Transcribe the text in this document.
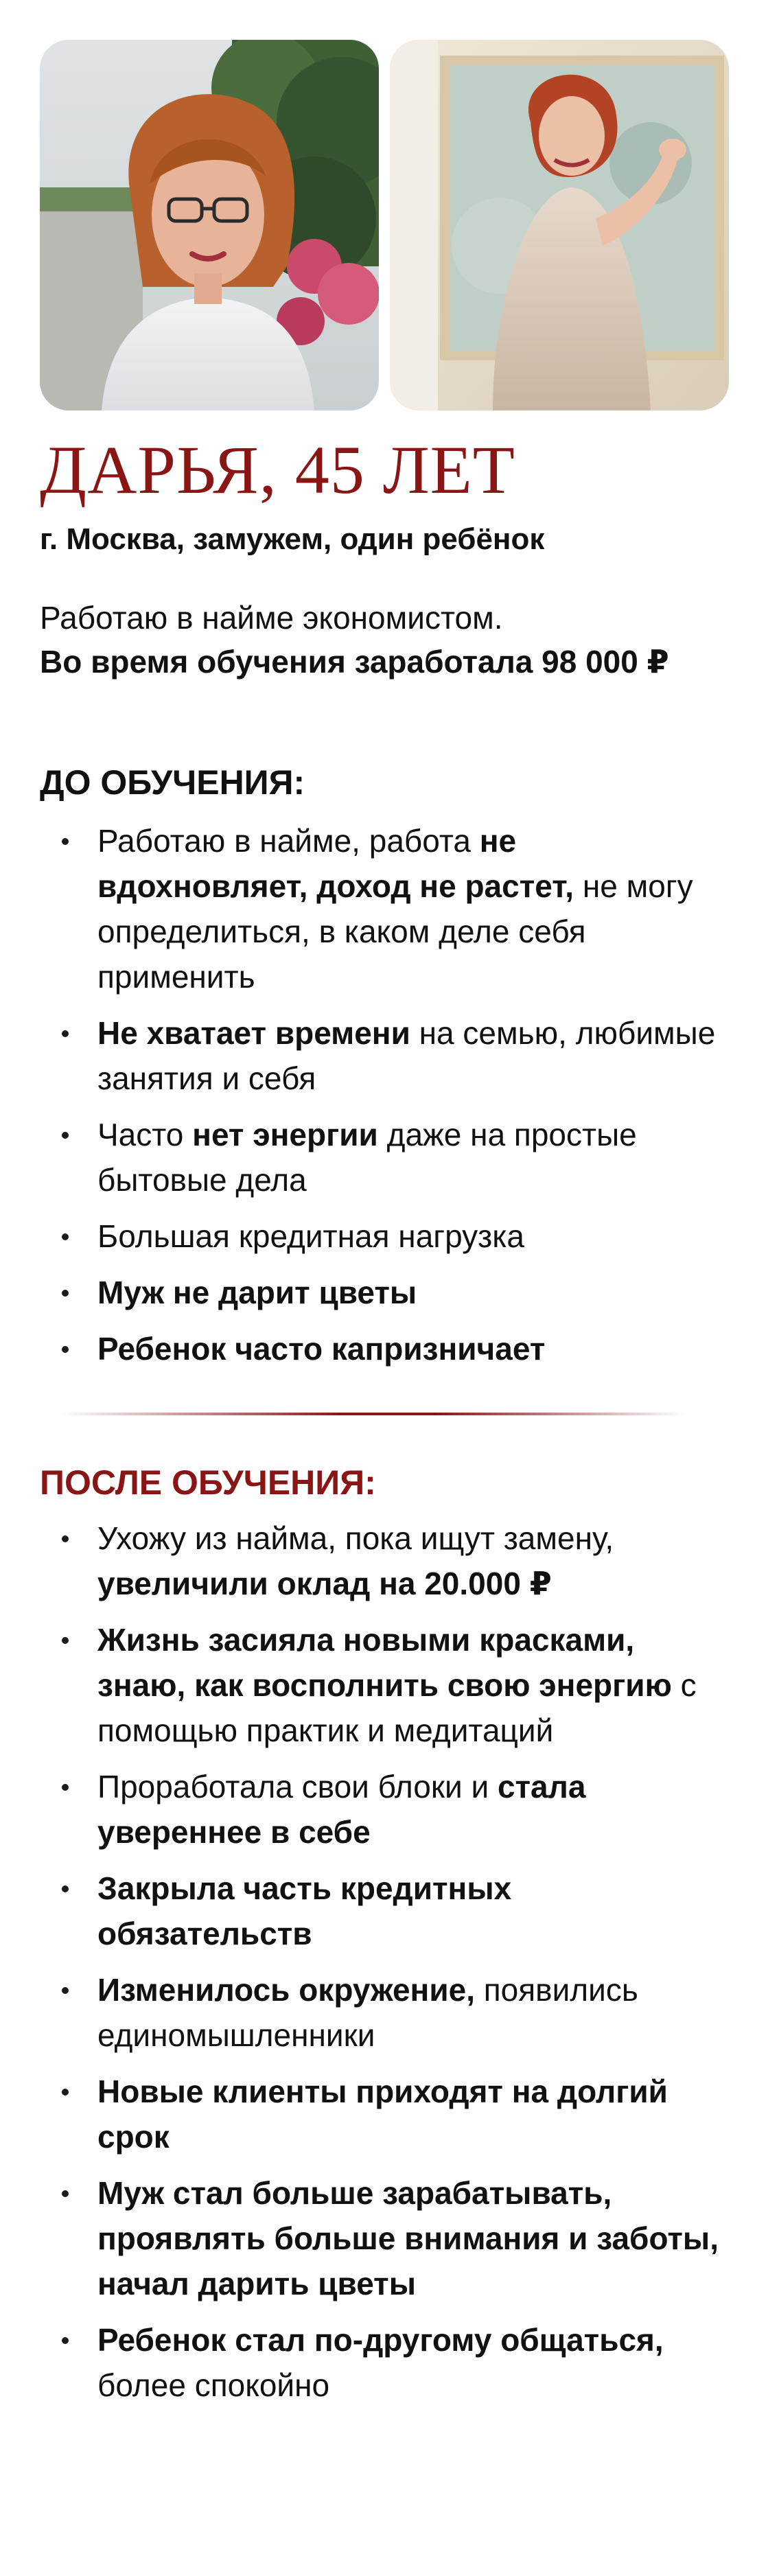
ДАРЬЯ, 45 ЛЕТ
г. Москва, замужем, один ребёнок
Работаю в найме экономистом.
Во время обучения заработала 98 000 ₽
ДО ОБУЧЕНИЯ:
Работаю в найме, работа не вдохновляет, доход не растет, не могу определиться, в каком деле себя применить
Не хватает времени на семью, любимые занятия и себя
Часто нет энергии даже на простые бытовые дела
Большая кредитная нагрузка
Муж не дарит цветы
Ребенок часто капризничает
ПОСЛЕ ОБУЧЕНИЯ:
Ухожу из найма, пока ищут замену, увеличили оклад на 20.000 ₽
Жизнь засияла новыми красками, знаю, как восполнить свою энергию с помощью практик и медитаций
Проработала свои блоки и стала увереннее в себе
Закрыла часть кредитных обязательств
Изменилось окружение, появились единомышленники
Новые клиенты приходят на долгий срок
Муж стал больше зарабатывать, проявлять больше внимания и заботы, начал дарить цветы
Ребенок стал по-другому общаться, более спокойно
